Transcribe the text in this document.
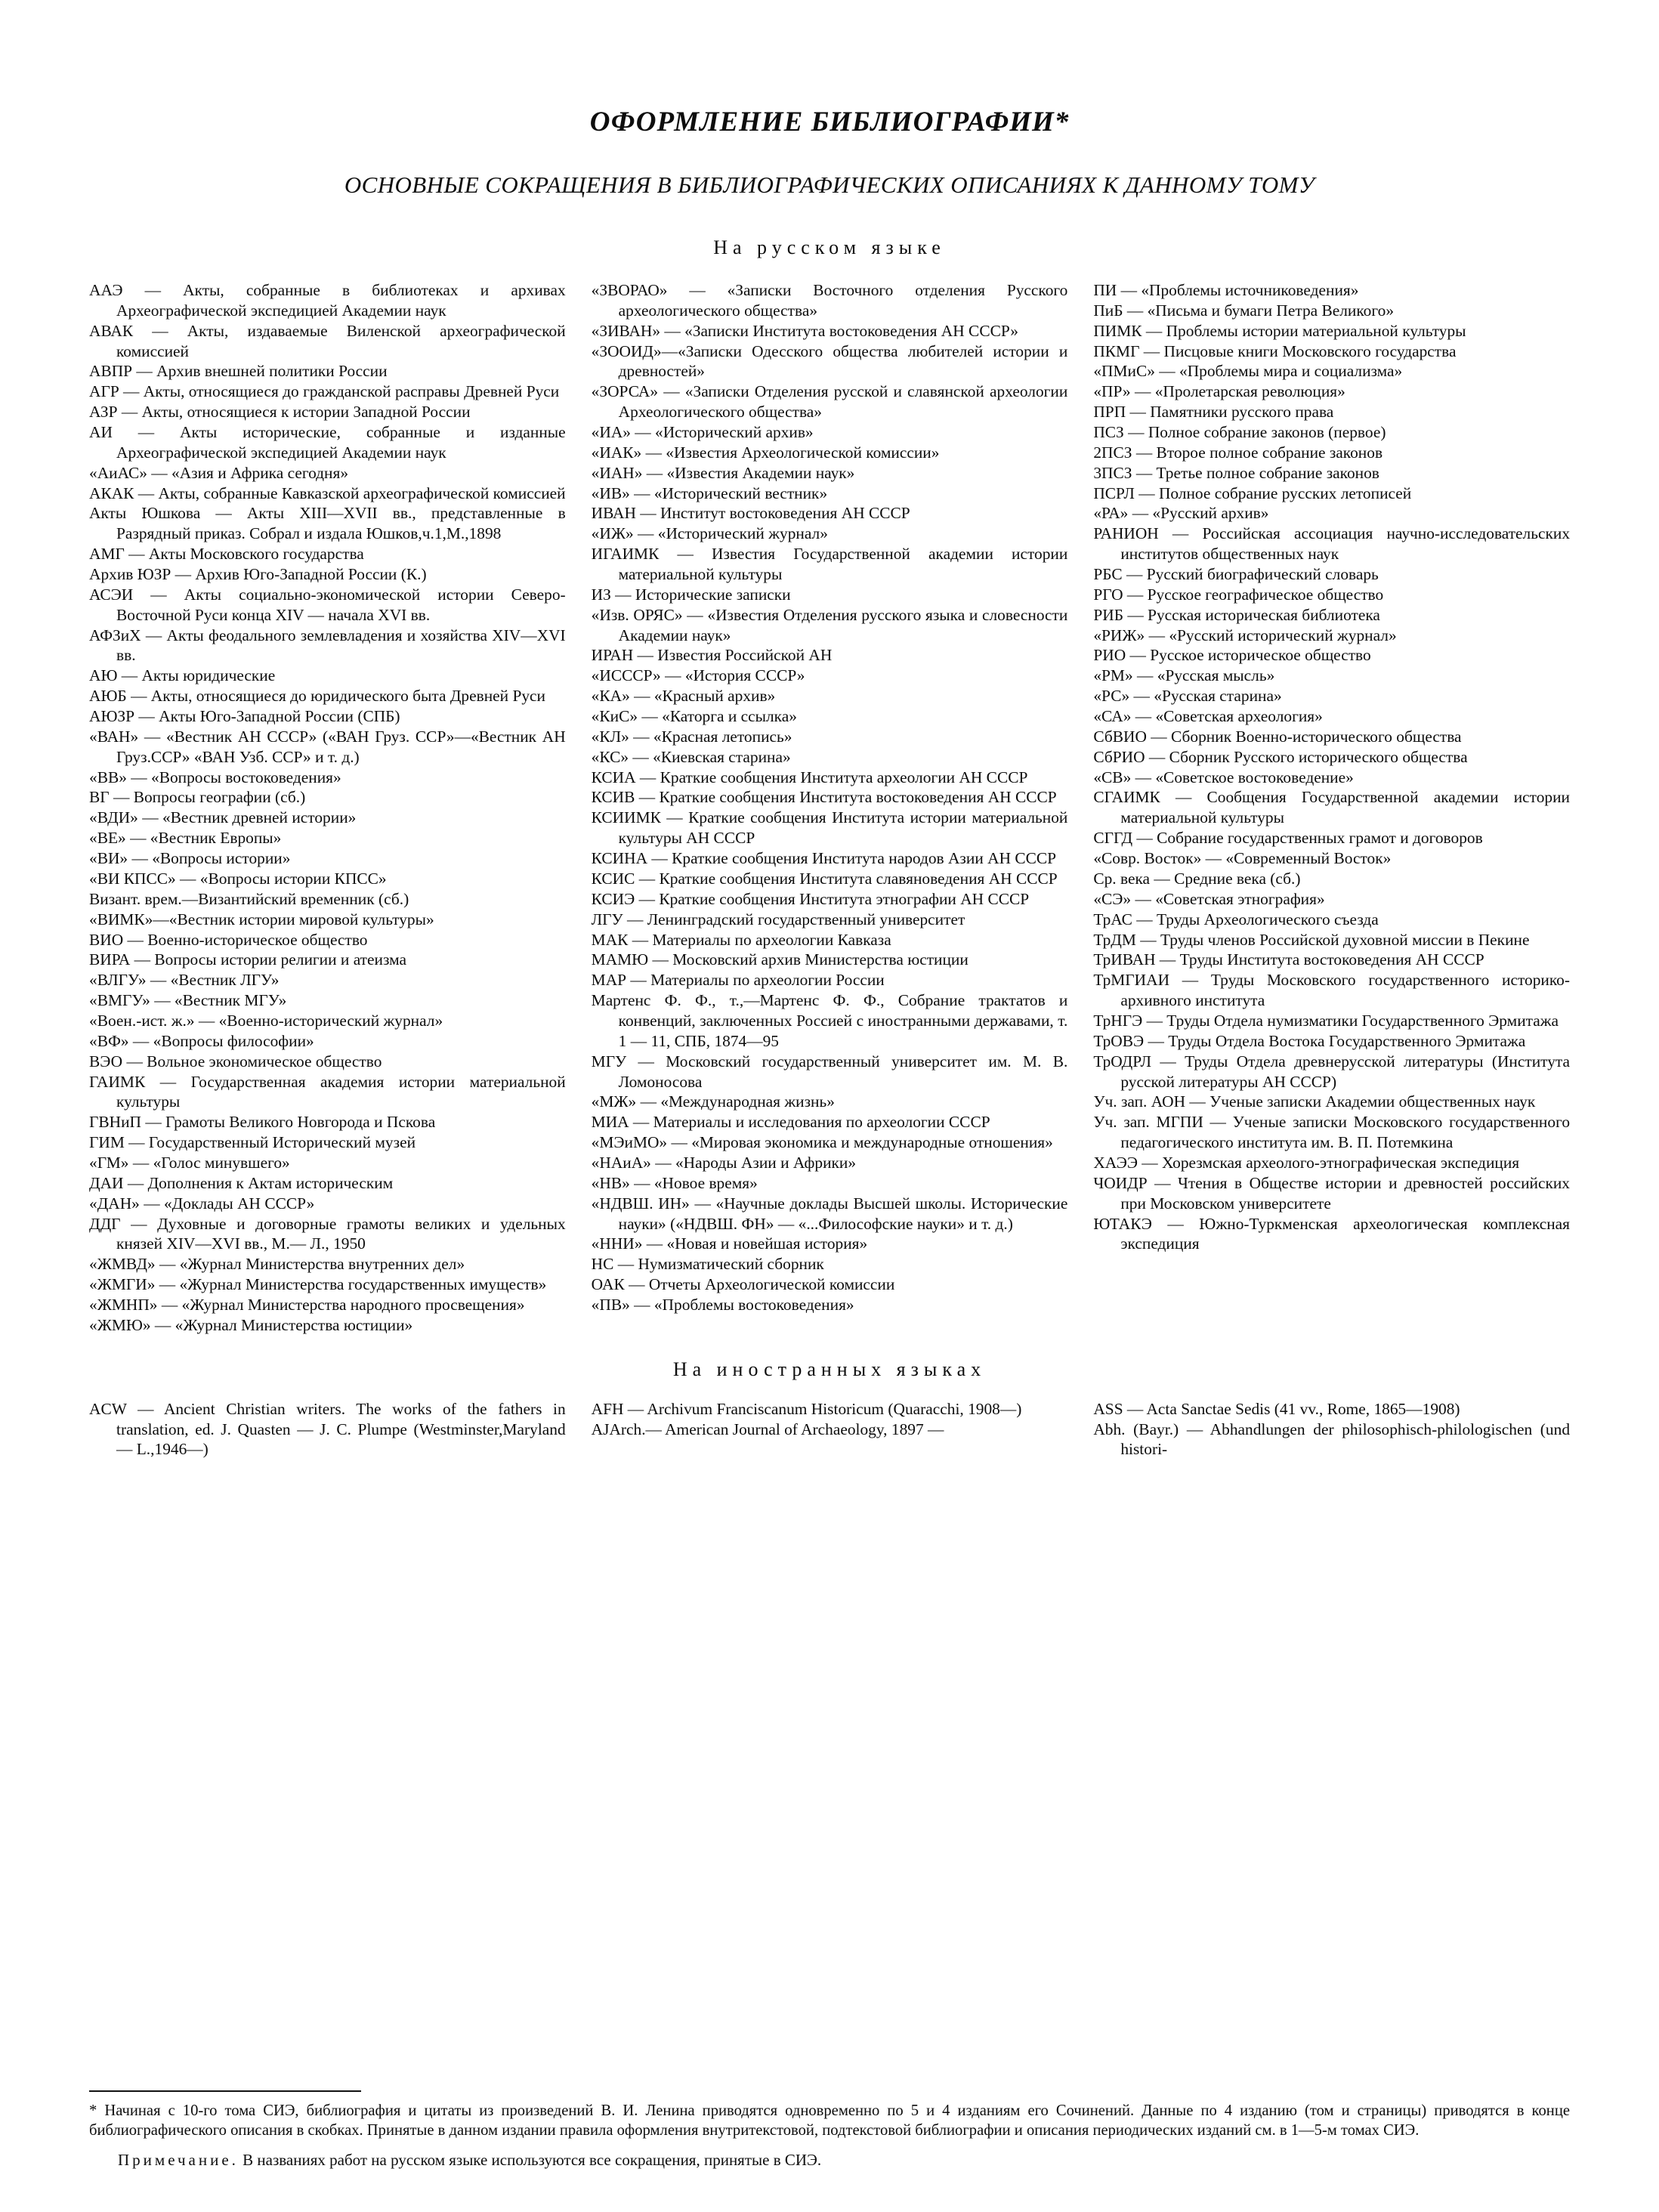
ОФОРМЛЕНИЕ БИБЛИОГРАФИИ*
ОСНОВНЫЕ СОКРАЩЕНИЯ В БИБЛИОГРАФИЧЕСКИХ ОПИСАНИЯХ К ДАННОМУ ТОМУ
На русском языке
ААЭ — Акты, собранные в библиотеках и архивах Археографической экспедицией Академии наук
АВАК — Акты, издаваемые Виленской археографической комиссией
АВПР — Архив внешней политики России
АГР — Акты, относящиеся до гражданской расправы Древней Руси
АЗР — Акты, относящиеся к истории Западной России
АИ — Акты исторические, собранные и изданные Археографической экспедицией Академии наук
«АиАС» — «Азия и Африка сегодня»
АКАК — Акты, собранные Кавказской археографической комиссией
Акты Юшкова — Акты XIII—XVII вв., представленные в Разрядный приказ. Собрал и издала Юшков,ч.1,М.,1898
АМГ — Акты Московского государства
Архив ЮЗР — Архив Юго-Западной России (К.)
АСЭИ — Акты социально-экономической истории Северо-Восточной Руси конца XIV — начала XVI вв.
АФЗиХ — Акты феодального землевладения и хозяйства XIV—XVI вв.
АЮ — Акты юридические
АЮБ — Акты, относящиеся до юридического быта Древней Руси
АЮЗР — Акты Юго-Западной России (СПБ)
«ВАН» — «Вестник АН СССР» («ВАН Груз. ССР»—«Вестник АН Груз.ССР» «ВАН Узб. ССР» и т. д.)
«ВВ» — «Вопросы востоковедения»
ВГ — Вопросы географии (сб.)
«ВДИ» — «Вестник древней истории»
«ВЕ» — «Вестник Европы»
«ВИ» — «Вопросы истории»
«ВИ КПСС» — «Вопросы истории КПСС»
Визант. врем.—Византийский временник (сб.)
«ВИМК»—«Вестник истории мировой культуры»
ВИО — Военно-историческое общество
ВИРА — Вопросы истории религии и атеизма
«ВЛГУ» — «Вестник ЛГУ»
«ВМГУ» — «Вестник МГУ»
«Воен.-ист. ж.» — «Военно-исторический журнал»
«ВФ» — «Вопросы философии»
ВЭО — Вольное экономическое общество
ГАИМК — Государственная академия истории материальной культуры
ГВНиП — Грамоты Великого Новгорода и Пскова
ГИМ — Государственный Исторический музей
«ГМ» — «Голос минувшего»
ДАИ — Дополнения к Актам историческим
«ДАН» — «Доклады АН СССР»
ДДГ — Духовные и договорные грамоты великих и удельных князей XIV—XVI вв., М.— Л., 1950
«ЖМВД» — «Журнал Министерства внутренних дел»
«ЖМГИ» — «Журнал Министерства государственных имуществ»
«ЖМНП» — «Журнал Министерства народного просвещения»
«ЖМЮ» — «Журнал Министерства юстиции»
«ЗВОРАО» — «Записки Восточного отделения Русского археологического общества»
«ЗИВАН» — «Записки Института востоковедения АН СССР»
«ЗООИД»—«Записки Одесского общества любителей истории и древностей»
«ЗОРСА» — «Записки Отделения русской и славянской археологии Археологического общества»
«ИА» — «Исторический архив»
«ИАК» — «Известия Археологической комиссии»
«ИАН» — «Известия Академии наук»
«ИВ» — «Исторический вестник»
ИВАН — Институт востоковедения АН СССР
«ИЖ» — «Исторический журнал»
ИГАИМК — Известия Государственной академии истории материальной культуры
ИЗ — Исторические записки
«Изв. ОРЯС» — «Известия Отделения русского языка и словесности Академии наук»
ИРАН — Известия Российской АН
«ИСССР» — «История СССР»
«КА» — «Красный архив»
«КиС» — «Каторга и ссылка»
«КЛ» — «Красная летопись»
«КС» — «Киевская старина»
КСИА — Краткие сообщения Института археологии АН СССР
КСИВ — Краткие сообщения Института востоковедения АН СССР
КСИИМК — Краткие сообщения Института истории материальной культуры АН СССР
КСИНА — Краткие сообщения Института народов Азии АН СССР
КСИС — Краткие сообщения Института славяноведения АН СССР
КСИЭ — Краткие сообщения Института этнографии АН СССР
ЛГУ — Ленинградский государственный университет
МАК — Материалы по археологии Кавказа
МАМЮ — Московский архив Министерства юстиции
МАР — Материалы по археологии России
Мартенс Ф. Ф., т.,—Мартенс Ф. Ф., Собрание трактатов и конвенций, заключенных Россией с иностранными державами, т. 1 — 11, СПБ, 1874—95
МГУ — Московский государственный университет им. М. В. Ломоносова
«МЖ» — «Международная жизнь»
МИА — Материалы и исследования по археологии СССР
«МЭиМО» — «Мировая экономика и международные отношения»
«НАиА» — «Народы Азии и Африки»
«НВ» — «Новое время»
«НДВШ. ИН» — «Научные доклады Высшей школы. Исторические науки» («НДВШ. ФН» — «...Философские науки» и т. д.)
«ННИ» — «Новая и новейшая история»
НС — Нумизматический сборник
ОАК — Отчеты Археологической комиссии
«ПВ» — «Проблемы востоковедения»
ПИ — «Проблемы источниковедения»
ПиБ — «Письма и бумаги Петра Великого»
ПИМК — Проблемы истории материальной культуры
ПКМГ — Писцовые книги Московского государства
«ПМиС» — «Проблемы мира и социализма»
«ПР» — «Пролетарская революция»
ПРП — Памятники русского права
ПСЗ — Полное собрание законов (первое)
2ПСЗ — Второе полное собрание законов
3ПСЗ — Третье полное собрание законов
ПСРЛ — Полное собрание русских летописей
«РА» — «Русский архив»
РАНИОН — Российская ассоциация научно-исследовательских институтов общественных наук
РБС — Русский биографический словарь
РГО — Русское географическое общество
РИБ — Русская историческая библиотека
«РИЖ» — «Русский исторический журнал»
РИО — Русское историческое общество
«РМ» — «Русская мысль»
«РС» — «Русская старина»
«СА» — «Советская археология»
СбВИО — Сборник Военно-исторического общества
СбРИО — Сборник Русского исторического общества
«СВ» — «Советское востоковедение»
СГАИМК — Сообщения Государственной академии истории материальной культуры
СГГД — Собрание государственных грамот и договоров
«Совр. Восток» — «Современный Восток»
Ср. века — Средние века (сб.)
«СЭ» — «Советская этнография»
ТрАС — Труды Археологического съезда
ТрДМ — Труды членов Российской духовной миссии в Пекине
ТрИВАН — Труды Института востоковедения АН СССР
ТрМГИАИ — Труды Московского государственного историко-архивного института
ТрНГЭ — Труды Отдела нумизматики Государственного Эрмитажа
ТрОВЭ — Труды Отдела Востока Государственного Эрмитажа
ТрОДРЛ — Труды Отдела древнерусской литературы (Института русской литературы АН СССР)
Уч. зап. АОН — Ученые записки Академии общественных наук
Уч. зап. МГПИ — Ученые записки Московского государственного педагогического института им. В. П. Потемкина
ХАЭЭ — Хорезмская археолого-этнографическая экспедиция
ЧОИДР — Чтения в Обществе истории и древностей российских при Московском университете
ЮТАКЭ — Южно-Туркменская археологическая комплексная экспедиция
На иностранных языках
ACW — Ancient Christian writers. The works of the fathers in translation, ed. J. Quasten — J. C. Plumpe (Westminster,Maryland — L.,1946—)
AFH — Archivum Franciscanum Historicum (Quaracchi, 1908—)
AJArch.— American Journal of Archaeology, 1897 —
ASS — Acta Sanctae Sedis (41 vv., Rome, 1865—1908)
Abh. (Bayr.) — Abhandlungen der philosophisch-philologischen (und histori-
* Начиная с 10-го тома СИЭ, библиография и цитаты из произведений В. И. Ленина приводятся одновременно по 5 и 4 изданиям его Сочинений. Данные по 4 изданию (том и страницы) приводятся в конце библиографического описания в скобках. Принятые в данном издании правила оформления внутритекстовой, подтекстовой библиографии и описания периодических изданий см. в 1—5-м томах СИЭ.
Примечание. В названиях работ на русском языке используются все сокращения, принятые в СИЭ.
